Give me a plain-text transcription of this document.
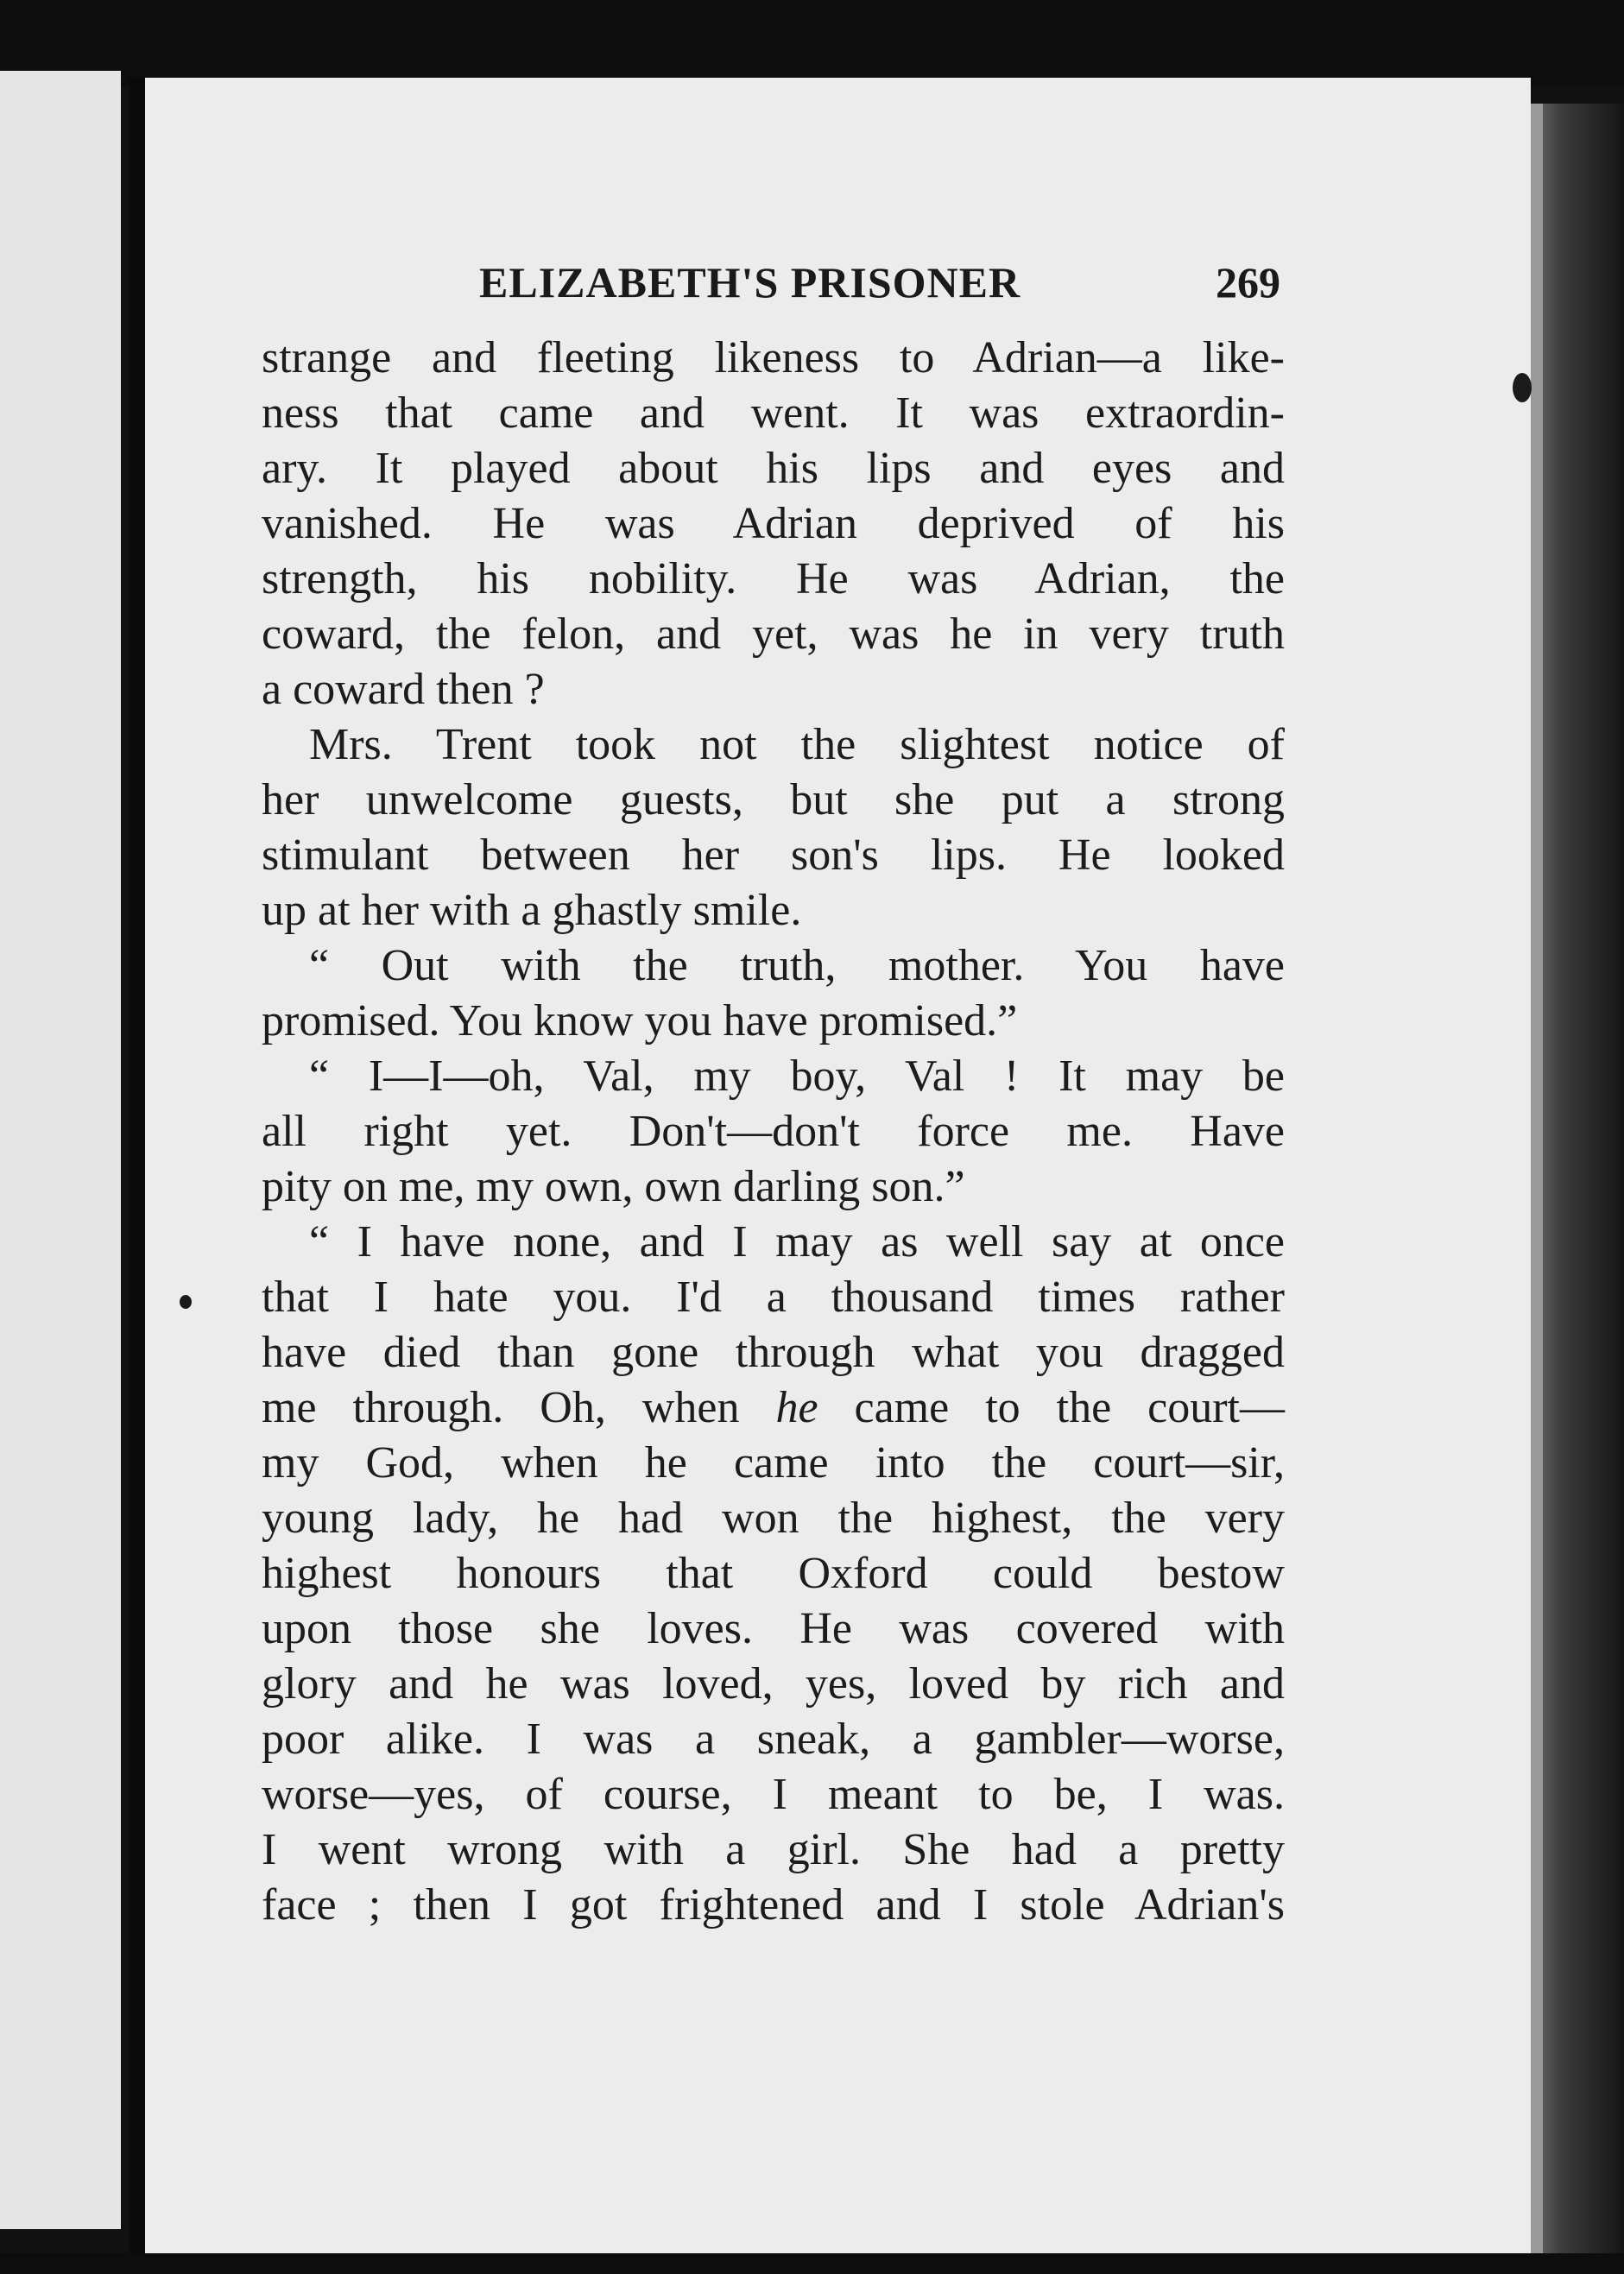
ELIZABETH'S PRISONER	269
strange and fleeting likeness to Adrian—a like-
ness that came and went. It was extraordin-
ary. It played about his lips and eyes and
vanished. He was Adrian deprived of his
strength, his nobility. He was Adrian, the
coward, the felon, and yet, was he in very truth
a coward then ?
Mrs. Trent took not the slightest notice of
her unwelcome guests, but she put a strong
stimulant between her son's lips. He looked
up at her with a ghastly smile.
“ Out with the truth, mother. You have
promised. You know you have promised.”
“ I—I—oh, Val, my boy, Val ! It may be
all right yet. Don't—don't force me. Have
pity on me, my own, own darling son.”
“ I have none, and I may as well say at once
that I hate you. I'd a thousand times rather
have died than gone through what you dragged
me through. Oh, when he came to the court—
my God, when he came into the court—sir,
young lady, he had won the highest, the very
highest honours that Oxford could bestow
upon those she loves. He was covered with
glory and he was loved, yes, loved by rich and
poor alike. I was a sneak, a gambler—worse,
worse—yes, of course, I meant to be, I was.
I went wrong with a girl. She had a pretty
face ; then I got frightened and I stole Adrian's
